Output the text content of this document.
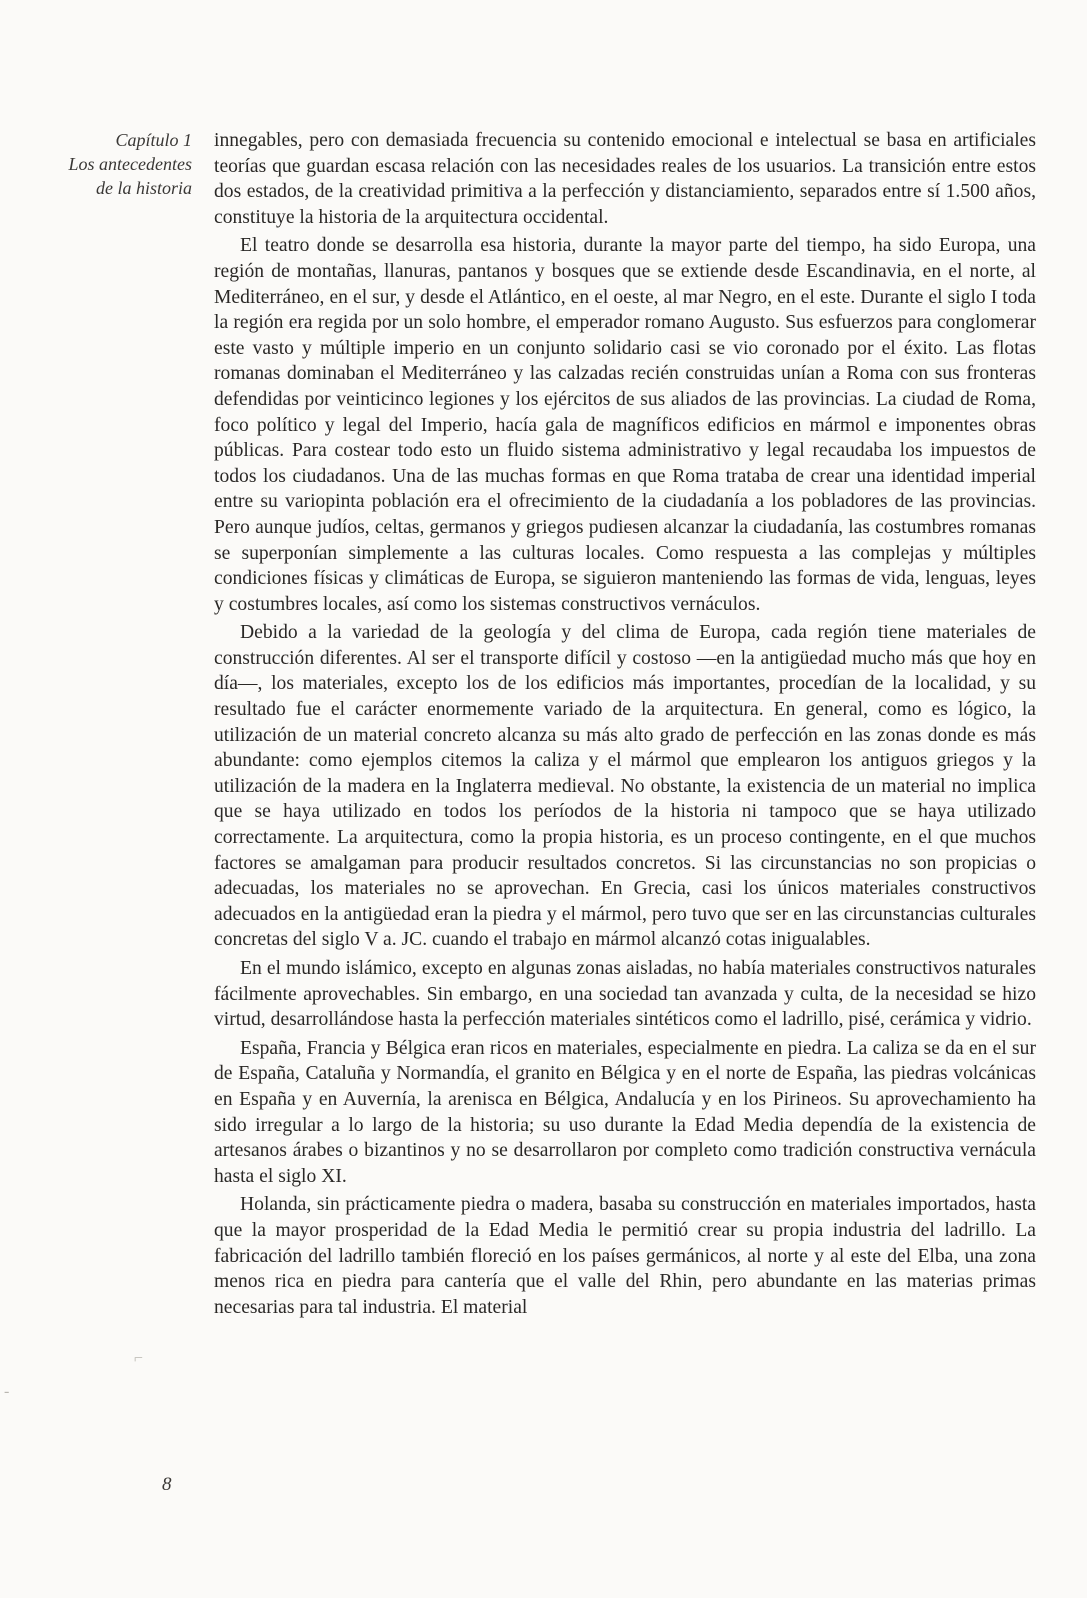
Capítulo 1
Los antecedentes
de la historia

innegables, pero con demasiada frecuencia su contenido emocional e intelectual se basa en artificiales teorías que guardan escasa relación con las necesidades reales de los usuarios. La transición entre estos dos estados, de la creatividad primitiva a la perfección y distanciamiento, separados entre sí 1.500 años, constituye la historia de la arquitectura occidental.

El teatro donde se desarrolla esa historia, durante la mayor parte del tiempo, ha sido Europa, una región de montañas, llanuras, pantanos y bosques que se extiende desde Escandinavia, en el norte, al Mediterráneo, en el sur, y desde el Atlántico, en el oeste, al mar Negro, en el este. Durante el siglo I toda la región era regida por un solo hombre, el emperador romano Augusto. Sus esfuerzos para conglomerar este vasto y múltiple imperio en un conjunto solidario casi se vio coronado por el éxito. Las flotas romanas dominaban el Mediterráneo y las calzadas recién construidas unían a Roma con sus fronteras defendidas por veinticinco legiones y los ejércitos de sus aliados de las provincias. La ciudad de Roma, foco político y legal del Imperio, hacía gala de magníficos edificios en mármol e imponentes obras públicas. Para costear todo esto un fluido sistema administrativo y legal recaudaba los impuestos de todos los ciudadanos. Una de las muchas formas en que Roma trataba de crear una identidad imperial entre su variopinta población era el ofrecimiento de la ciudadanía a los pobladores de las provincias. Pero aunque judíos, celtas, germanos y griegos pudiesen alcanzar la ciudadanía, las costumbres romanas se superponían simplemente a las culturas locales. Como respuesta a las complejas y múltiples condiciones físicas y climáticas de Europa, se siguieron manteniendo las formas de vida, lenguas, leyes y costumbres locales, así como los sistemas constructivos vernáculos.

Debido a la variedad de la geología y del clima de Europa, cada región tiene materiales de construcción diferentes. Al ser el transporte difícil y costoso —en la antigüedad mucho más que hoy en día—, los materiales, excepto los de los edificios más importantes, procedían de la localidad, y su resultado fue el carácter enormemente variado de la arquitectura. En general, como es lógico, la utilización de un material concreto alcanza su más alto grado de perfección en las zonas donde es más abundante: como ejemplos citemos la caliza y el mármol que emplearon los antiguos griegos y la utilización de la madera en la Inglaterra medieval. No obstante, la existencia de un material no implica que se haya utilizado en todos los períodos de la historia ni tampoco que se haya utilizado correctamente. La arquitectura, como la propia historia, es un proceso contingente, en el que muchos factores se amalgaman para producir resultados concretos. Si las circunstancias no son propicias o adecuadas, los materiales no se aprovechan. En Grecia, casi los únicos materiales constructivos adecuados en la antigüedad eran la piedra y el mármol, pero tuvo que ser en las circunstancias culturales concretas del siglo V a. JC. cuando el trabajo en mármol alcanzó cotas inigualables.

En el mundo islámico, excepto en algunas zonas aisladas, no había materiales constructivos naturales fácilmente aprovechables. Sin embargo, en una sociedad tan avanzada y culta, de la necesidad se hizo virtud, desarrollándose hasta la perfección materiales sintéticos como el ladrillo, pisé, cerámica y vidrio.

España, Francia y Bélgica eran ricos en materiales, especialmente en piedra. La caliza se da en el sur de España, Cataluña y Normandía, el granito en Bélgica y en el norte de España, las piedras volcánicas en España y en Auvernía, la arenisca en Bélgica, Andalucía y en los Pirineos. Su aprovechamiento ha sido irregular a lo largo de la historia; su uso durante la Edad Media dependía de la existencia de artesanos árabes o bizantinos y no se desarrollaron por completo como tradición constructiva vernácula hasta el siglo XI.

Holanda, sin prácticamente piedra o madera, basaba su construcción en materiales importados, hasta que la mayor prosperidad de la Edad Media le permitió crear su propia industria del ladrillo. La fabricación del ladrillo también floreció en los países germánicos, al norte y al este del Elba, una zona menos rica en piedra para cantería que el valle del Rhin, pero abundante en las materias primas necesarias para tal industria. El material

8
⌐
-
